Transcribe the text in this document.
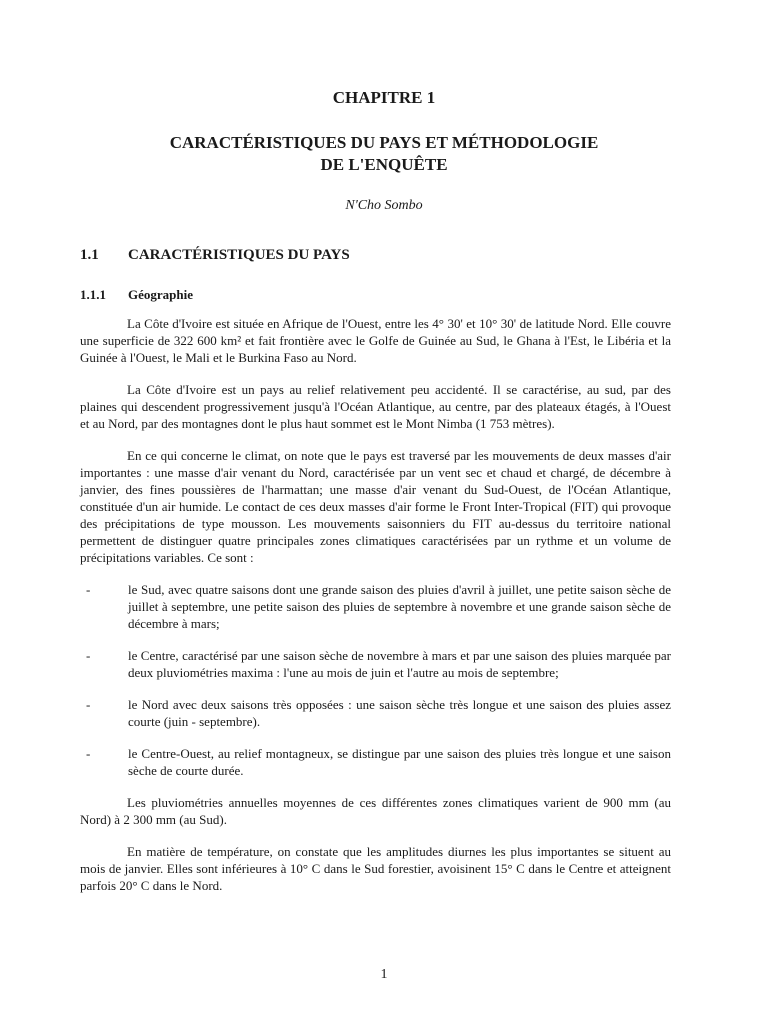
CHAPITRE 1
CARACTÉRISTIQUES DU PAYS ET MÉTHODOLOGIE
DE L'ENQUÊTE

N'Cho Sombo

1.1 CARACTÉRISTIQUES DU PAYS
1.1.1 Géographie

La Côte d'Ivoire est située en Afrique de l'Ouest, entre les 4° 30' et 10° 30' de latitude Nord. Elle couvre une superficie de 322 600 km² et fait frontière avec le Golfe de Guinée au Sud, le Ghana à l'Est, le Libéria et la Guinée à l'Ouest, le Mali et le Burkina Faso au Nord.

La Côte d'Ivoire est un pays au relief relativement peu accidenté. Il se caractérise, au sud, par des plaines qui descendent progressivement jusqu'à l'Océan Atlantique, au centre, par des plateaux étagés, à l'Ouest et au Nord, par des montagnes dont le plus haut sommet est le Mont Nimba (1 753 mètres).

En ce qui concerne le climat, on note que le pays est traversé par les mouvements de deux masses d'air importantes : une masse d'air venant du Nord, caractérisée par un vent sec et chaud et chargé, de décembre à janvier, des fines poussières de l'harmattan; une masse d'air venant du Sud-Ouest, de l'Océan Atlantique, constituée d'un air humide. Le contact de ces deux masses d'air forme le Front Inter-Tropical (FIT) qui provoque des précipitations de type mousson. Les mouvements saisonniers du FIT au-dessus du territoire national permettent de distinguer quatre principales zones climatiques caractérisées par un rythme et un volume de précipitations variables. Ce sont :

-	le Sud, avec quatre saisons dont une grande saison des pluies d'avril à juillet, une petite saison sèche de juillet à septembre, une petite saison des pluies de septembre à novembre et une grande saison sèche de décembre à mars;
-	le Centre, caractérisé par une saison sèche de novembre à mars et par une saison des pluies marquée par deux pluviométries maxima : l'une au mois de juin et l'autre au mois de septembre;
-	le Nord avec deux saisons très opposées : une saison sèche très longue et une saison des pluies assez courte (juin - septembre).
-	le Centre-Ouest, au relief montagneux, se distingue par une saison des pluies très longue et une saison sèche de courte durée.

Les pluviométries annuelles moyennes de ces différentes zones climatiques varient de 900 mm (au Nord) à 2 300 mm (au Sud).

En matière de température, on constate que les amplitudes diurnes les plus importantes se situent au mois de janvier. Elles sont inférieures à 10° C dans le Sud forestier, avoisinent 15° C dans le Centre et atteignent parfois 20° C dans le Nord.

1
